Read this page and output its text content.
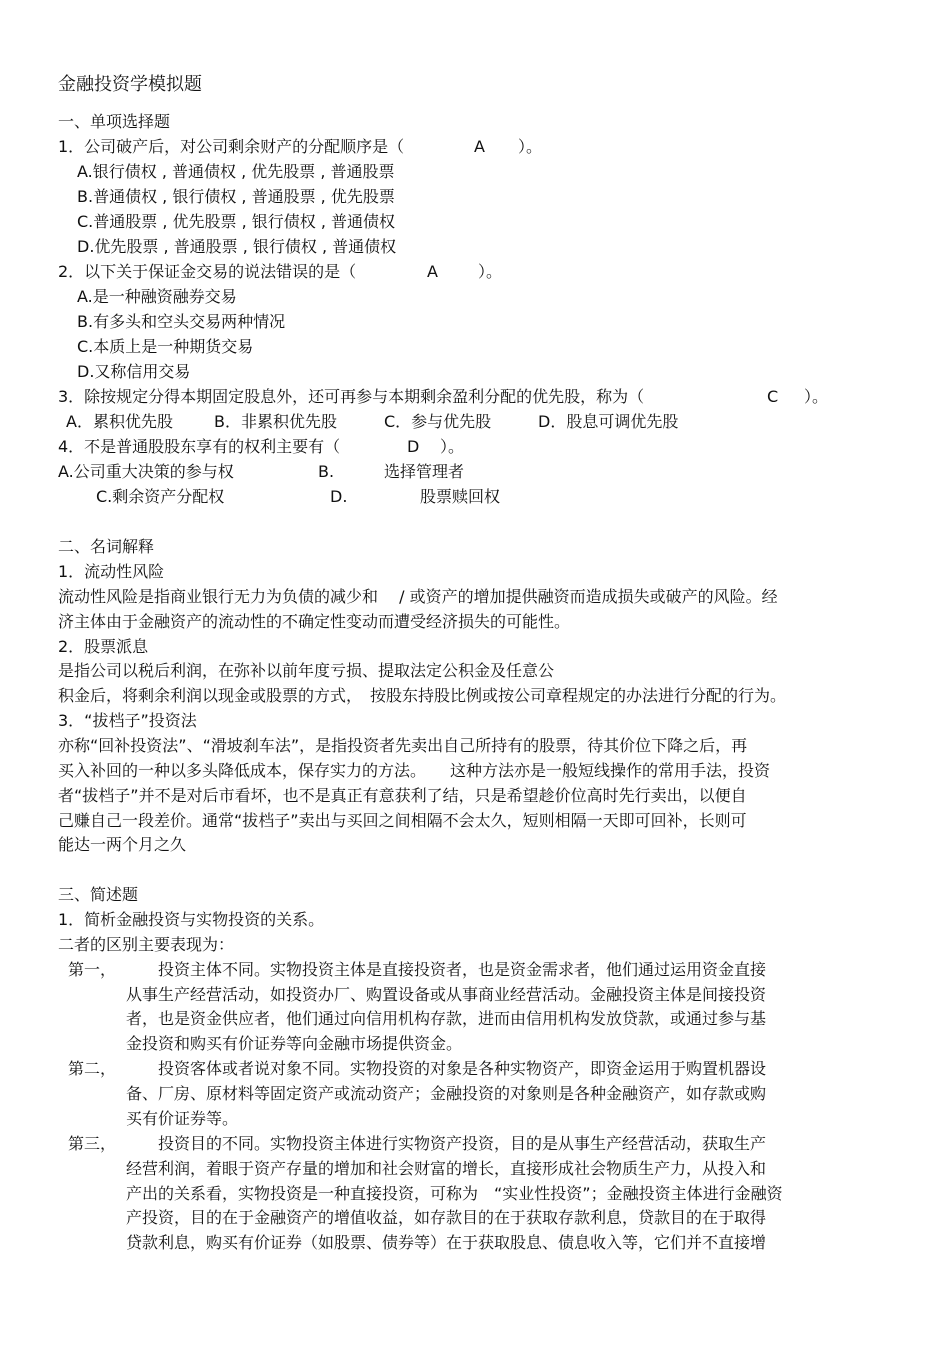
金融投资学模拟题
一、单项选择题
1．公司破产后，对公司剩余财产的分配顺序是（	A ）。
A.银行债权 , 普通债权 , 优先股票 , 普通股票
B.普通债权 , 银行债权 , 普通股票 , 优先股票
C.普通股票 , 优先股票 , 银行债权 , 普通债权
D.优先股票 , 普通股票 , 银行债权 , 普通债权
2．以下关于保证金交易的说法错误的是（	A	）。
A.是一种融资融券交易
B.有多头和空头交易两种情况
C.本质上是一种期货交易
D.又称信用交易
3．除按规定分得本期固定股息外，还可再参与本期剩余盈利分配的优先股，称为（	C ）。
A．累积优先股	B．非累积优先股	C．参与优先股	D．股息可调优先股
4．不是普通股股东享有的权利主要有（	D ）。
A.公司重大决策的参与权	B.	选择管理者
C.剩余资产分配权	D.	股票赎回权
二、名词解释
1．流动性风险
流动性风险是指商业银行无力为负债的减少和　 / 或资产的增加提供融资而造成损失或破产的风险。经
济主体由于金融资产的流动性的不确定性变动而遭受经济损失的可能性。
2．股票派息
是指公司以税后利润，在弥补以前年度亏损、提取法定公积金及任意公
积金后，将剩余利润以现金或股票的方式，　按股东持股比例或按公司章程规定的办法进行分配的行为。
3．“拔档子”投资法
亦称“回补投资法”、“滑坡刹车法”，是指投资者先卖出自己所持有的股票，待其价位下降之后，再
买入补回的一种以多头降低成本，保存实力的方法。　　这种方法亦是一般短线操作的常用手法，投资
者“拔档子”并不是对后市看坏，也不是真正有意获利了结，只是希望趁价位高时先行卖出，以便自
己赚自己一段差价。通常“拔档子”卖出与买回之间相隔不会太久，短则相隔一天即可回补，长则可
能达一两个月之久
三、简述题
1．简析金融投资与实物投资的关系。
二者的区别主要表现为：
第一，	投资主体不同。实物投资主体是直接投资者，也是资金需求者，他们通过运用资金直接
从事生产经营活动，如投资办厂、购置设备或从事商业经营活动。金融投资主体是间接投资
者，也是资金供应者，他们通过向信用机构存款，进而由信用机构发放贷款，或通过参与基
金投资和购买有价证券等向金融市场提供资金。
第二，	投资客体或者说对象不同。实物投资的对象是各种实物资产，即资金运用于购置机器设
备、厂房、原材料等固定资产或流动资产；金融投资的对象则是各种金融资产，如存款或购
买有价证券等。
第三，	投资目的不同。实物投资主体进行实物资产投资，目的是从事生产经营活动，获取生产
经营利润，着眼于资产存量的增加和社会财富的增长，直接形成社会物质生产力，从投入和
产出的关系看，实物投资是一种直接投资，可称为　“实业性投资”；金融投资主体进行金融资
产投资，目的在于金融资产的增值收益，如存款目的在于获取存款利息，贷款目的在于取得
贷款利息，购买有价证券（如股票、债券等）在于获取股息、债息收入等，它们并不直接增
